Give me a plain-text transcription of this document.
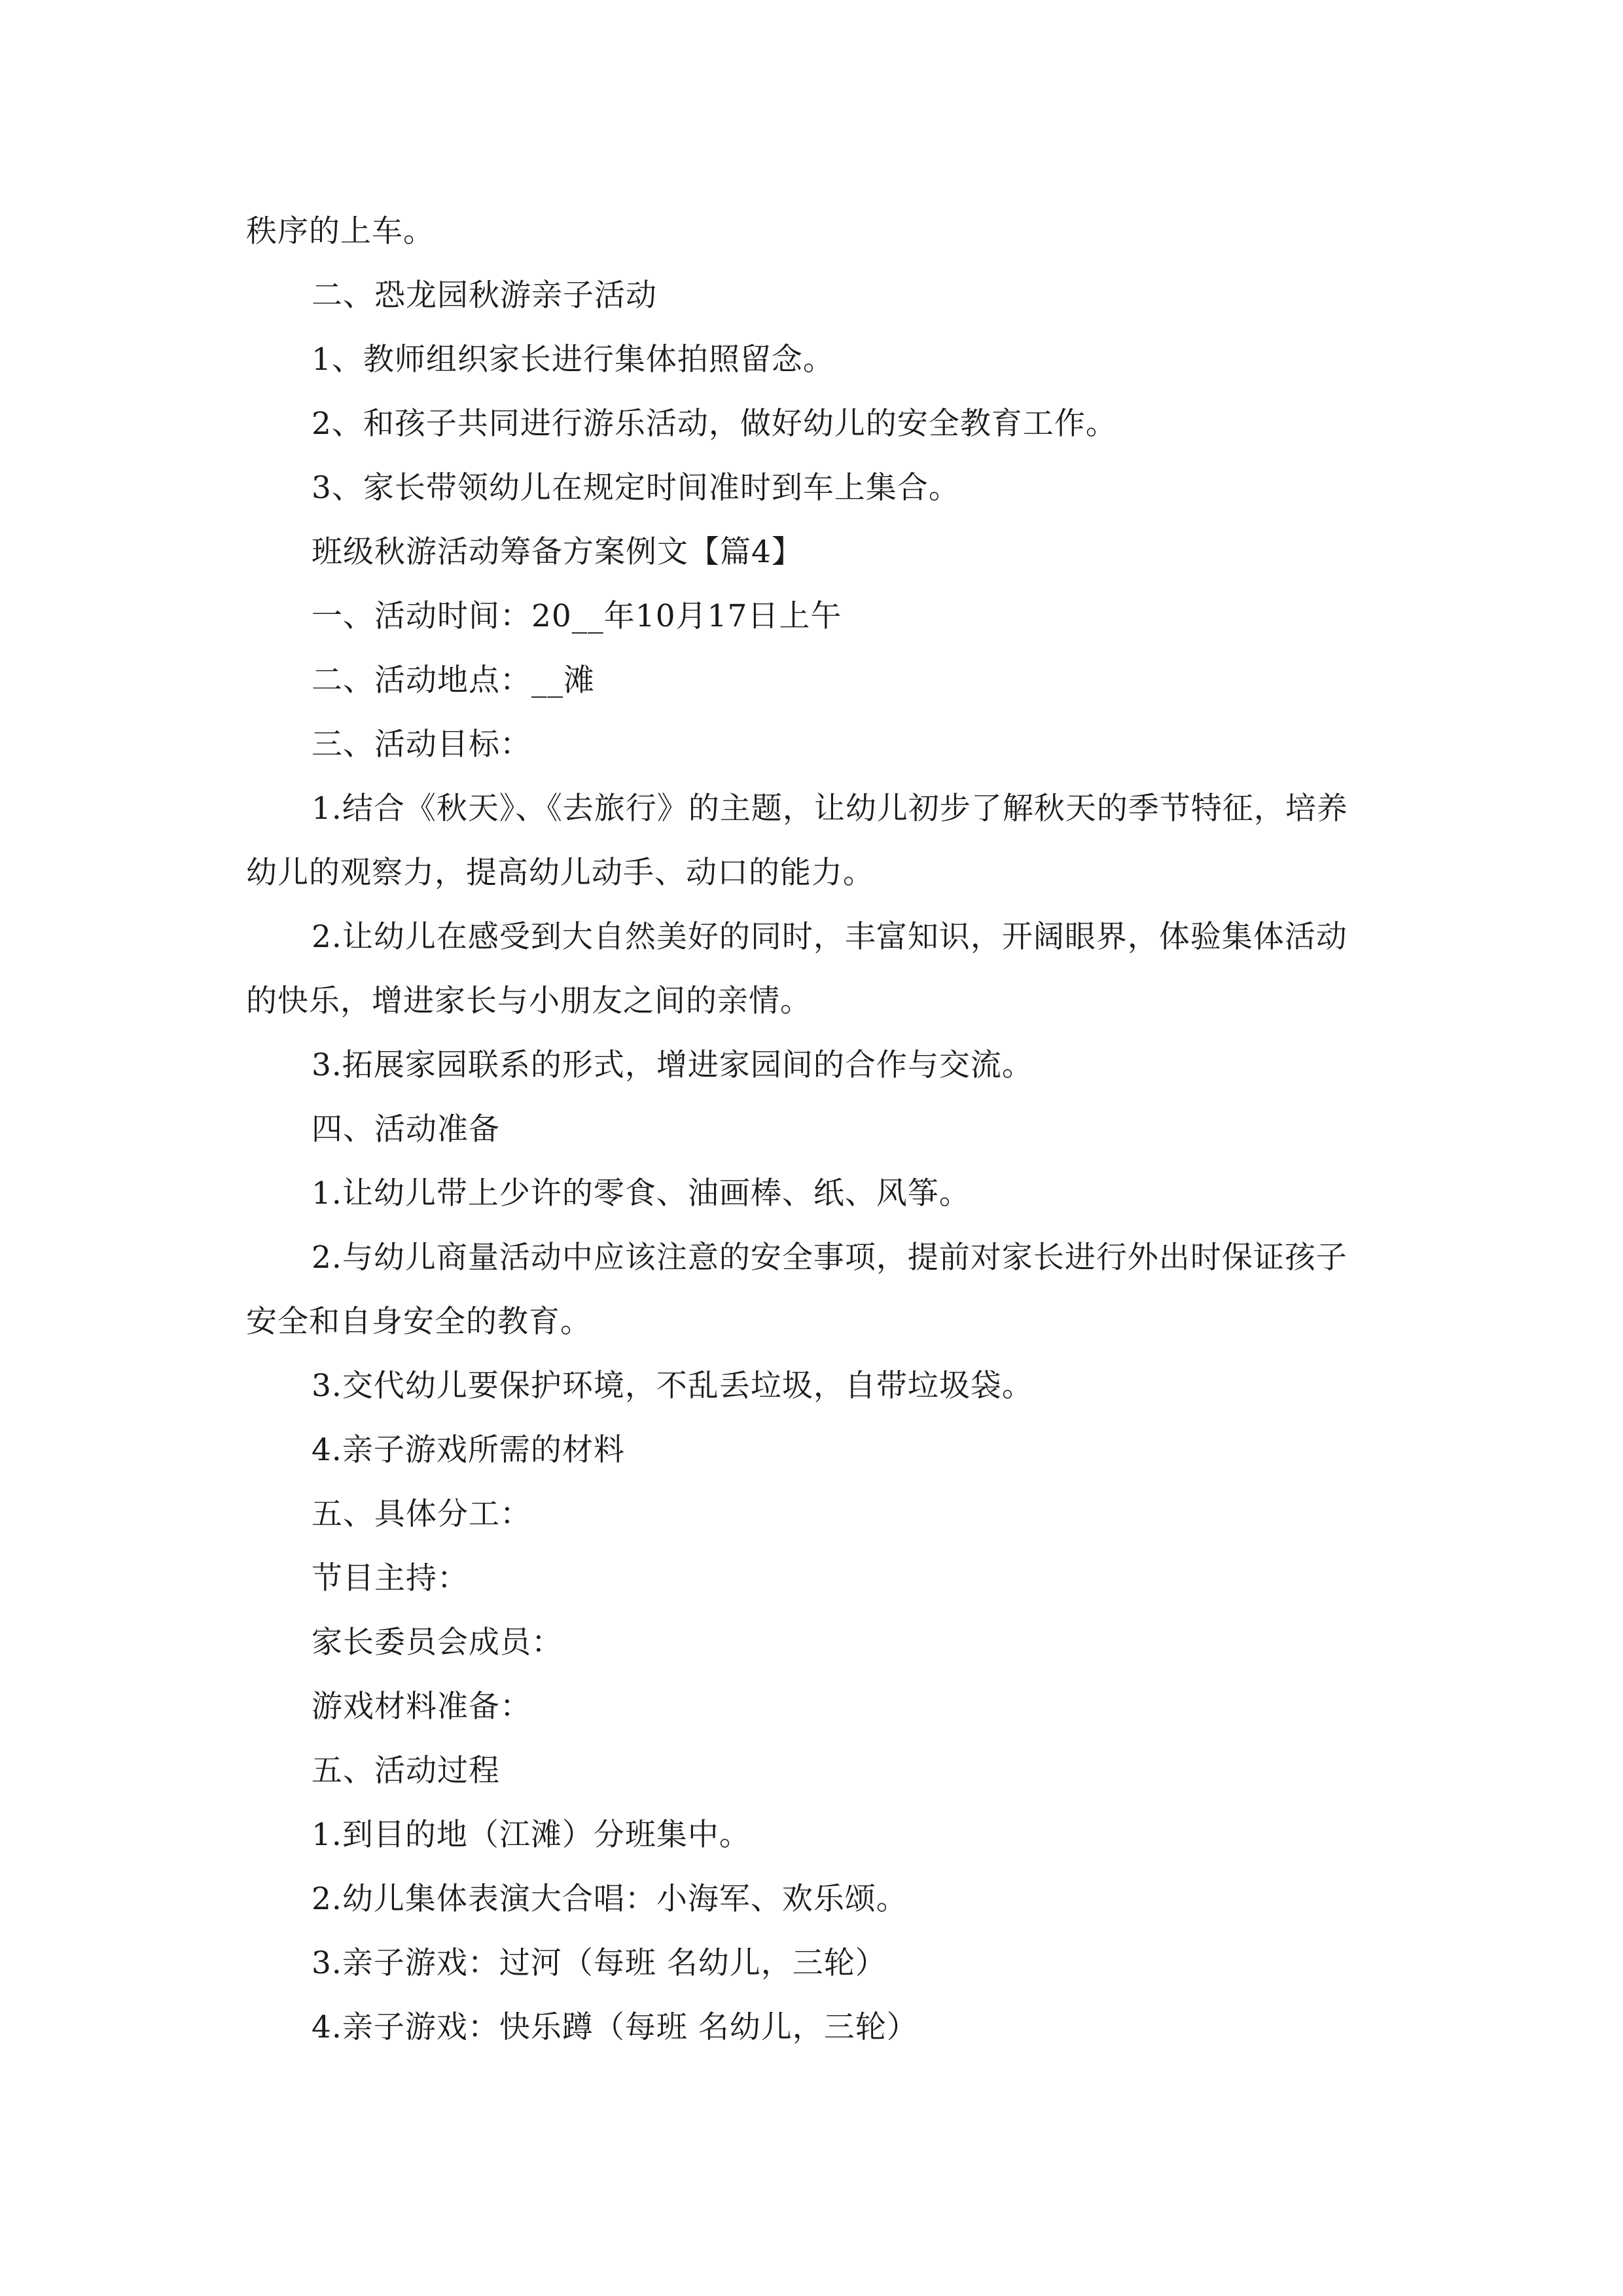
秩序的上车。
二、恐龙园秋游亲子活动
1、教师组织家长进行集体拍照留念。
2、和孩子共同进行游乐活动，做好幼儿的安全教育工作。
3、家长带领幼儿在规定时间准时到车上集合。
班级秋游活动筹备方案例文【篇4】
一、活动时间：20__年10月17日上午
二、活动地点：__滩
三、活动目标：
1.结合《秋天》、《去旅行》的主题，让幼儿初步了解秋天的季节特征，培养
幼儿的观察力，提高幼儿动手、动口的能力。
2.让幼儿在感受到大自然美好的同时，丰富知识，开阔眼界，体验集体活动
的快乐，增进家长与小朋友之间的亲情。
3.拓展家园联系的形式，增进家园间的合作与交流。
四、活动准备
1.让幼儿带上少许的零食、油画棒、纸、风筝。
2.与幼儿商量活动中应该注意的安全事项，提前对家长进行外出时保证孩子
安全和自身安全的教育。
3.交代幼儿要保护环境，不乱丢垃圾，自带垃圾袋。
4.亲子游戏所需的材料
五、具体分工：
节目主持：
家长委员会成员：
游戏材料准备：
五、活动过程
1.到目的地（江滩）分班集中。
2.幼儿集体表演大合唱：小海军、欢乐颂。
3.亲子游戏：过河（每班 名幼儿，三轮）
4.亲子游戏：快乐蹲（每班 名幼儿，三轮）
